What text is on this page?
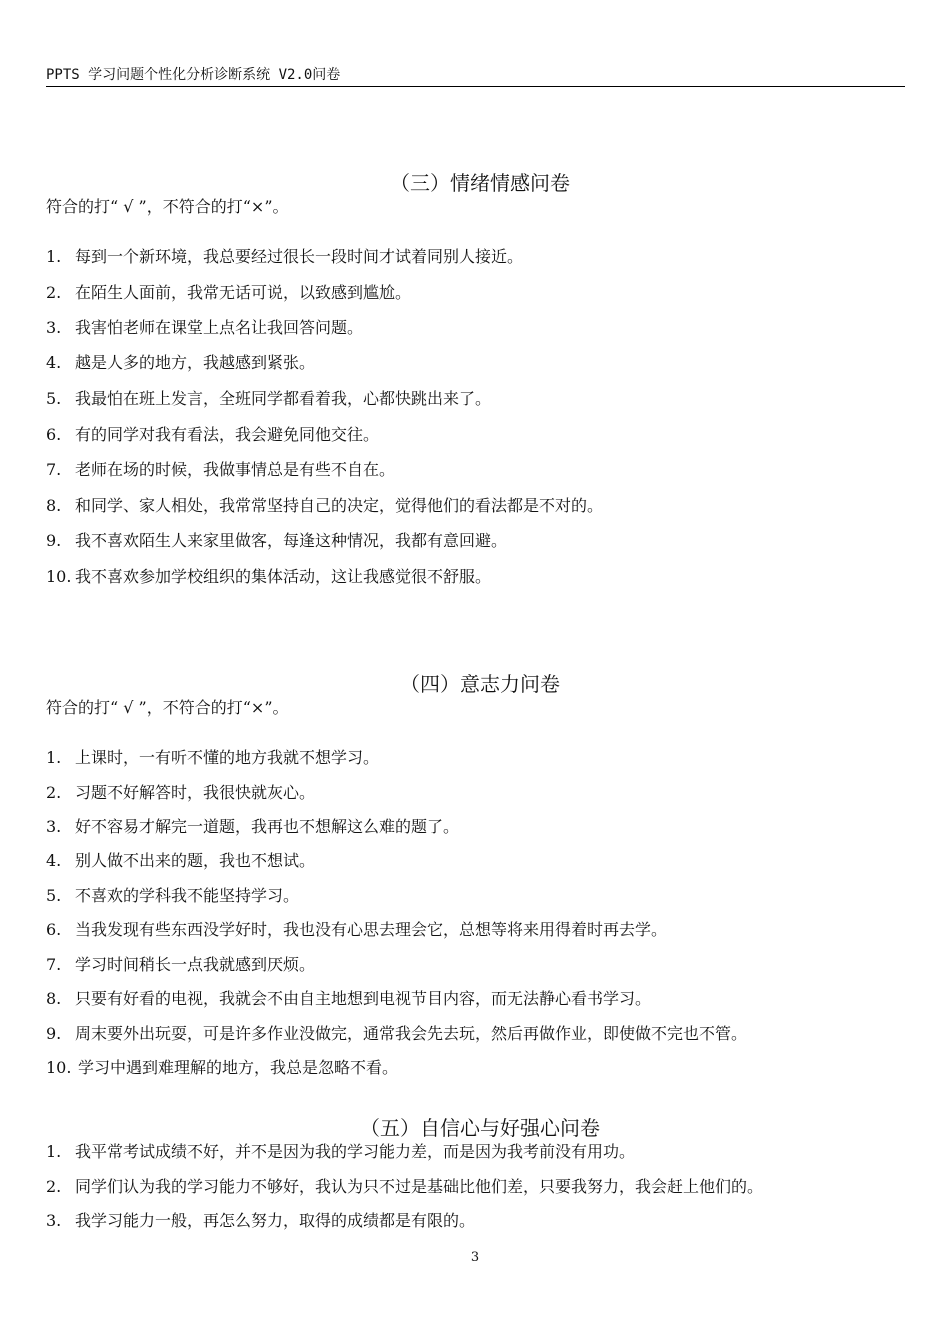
PPTS 学习问题个性化分析诊断系统 V2.0问卷
（三）情绪情感问卷
符合的打“ √ ”，不符合的打“×”。
1. 每到一个新环境，我总要经过很长一段时间才试着同别人接近。
2. 在陌生人面前，我常无话可说，以致感到尴尬。
3. 我害怕老师在课堂上点名让我回答问题。
4. 越是人多的地方，我越感到紧张。
5. 我最怕在班上发言，全班同学都看着我，心都快跳出来了。
6. 有的同学对我有看法，我会避免同他交往。
7. 老师在场的时候，我做事情总是有些不自在。
8. 和同学、家人相处，我常常坚持自己的决定，觉得他们的看法都是不对的。
9. 我不喜欢陌生人来家里做客，每逢这种情况，我都有意回避。
10. 我不喜欢参加学校组织的集体活动，这让我感觉很不舒服。
（四）意志力问卷
符合的打“ √ ”，不符合的打“×”。
1. 上课时，一有听不懂的地方我就不想学习。
2. 习题不好解答时，我很快就灰心。
3. 好不容易才解完一道题，我再也不想解这么难的题了。
4. 别人做不出来的题，我也不想试。
5. 不喜欢的学科我不能坚持学习。
6. 当我发现有些东西没学好时，我也没有心思去理会它，总想等将来用得着时再去学。
7. 学习时间稍长一点我就感到厌烦。
8. 只要有好看的电视，我就会不由自主地想到电视节目内容，而无法静心看书学习。
9. 周末要外出玩耍，可是许多作业没做完，通常我会先去玩，然后再做作业，即使做不完也不管。
10. 学习中遇到难理解的地方，我总是忽略不看。
（五）自信心与好强心问卷
1. 我平常考试成绩不好，并不是因为我的学习能力差，而是因为我考前没有用功。
2. 同学们认为我的学习能力不够好，我认为只不过是基础比他们差，只要我努力，我会赶上他们的。
3. 我学习能力一般，再怎么努力，取得的成绩都是有限的。
3
